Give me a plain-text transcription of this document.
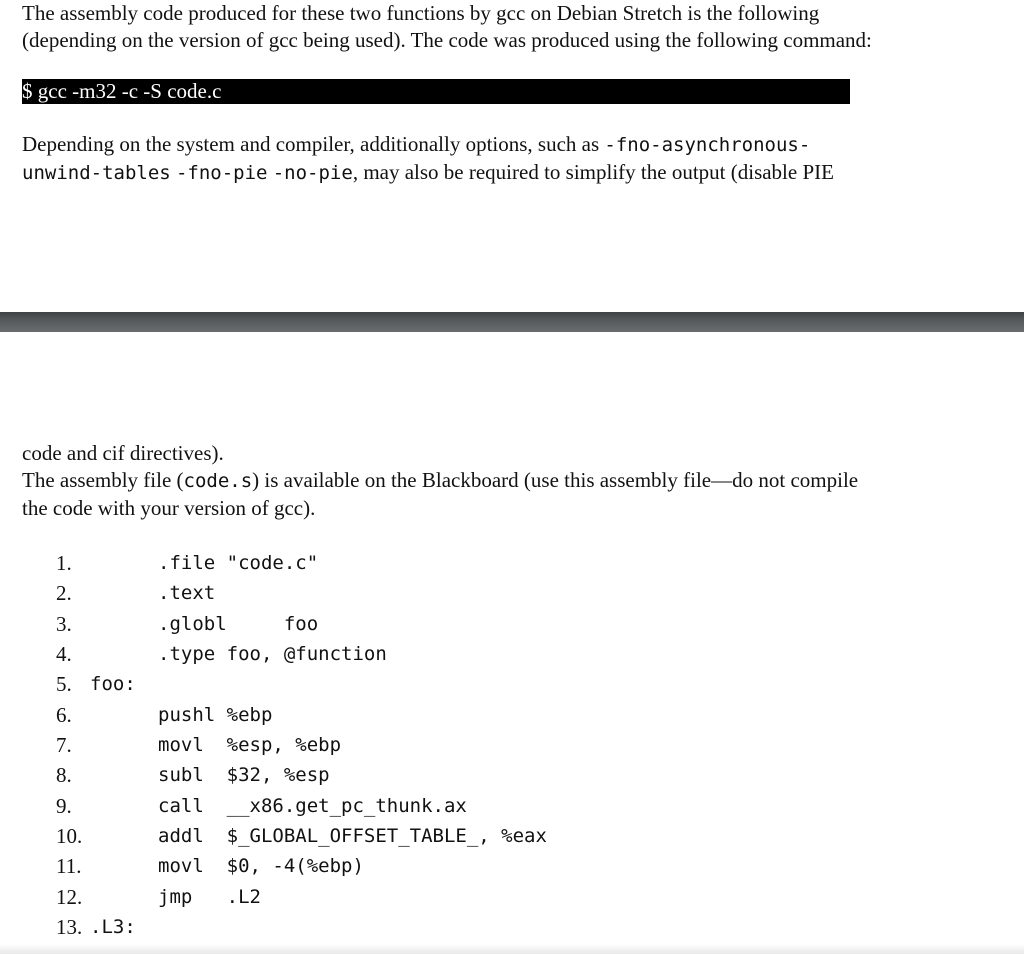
The assembly code produced for these two functions by gcc on Debian Stretch is the following
(depending on the version of gcc being used). The code was produced using the following command:

$ gcc -m32 -c -S code.c

Depending on the system and compiler, additionally options, such as -fno-asynchronous-
unwind-tables -fno-pie -no-pie, may also be required to simplify the output (disable PIE

code and cif directives).
The assembly file (code.s) is available on the Blackboard (use this assembly file—do not compile
the code with your version of gcc).

1.	.file "code.c"
2.	.text
3.	.globl     foo
4.	.type foo, @function
5. foo:
6.	pushl %ebp
7.	movl  %esp, %ebp
8.	subl  $32, %esp
9.	call  __x86.get_pc_thunk.ax
10.	addl  $_GLOBAL_OFFSET_TABLE_, %eax
11.	movl  $0, -4(%ebp)
12.	jmp   .L2
13. .L3:
